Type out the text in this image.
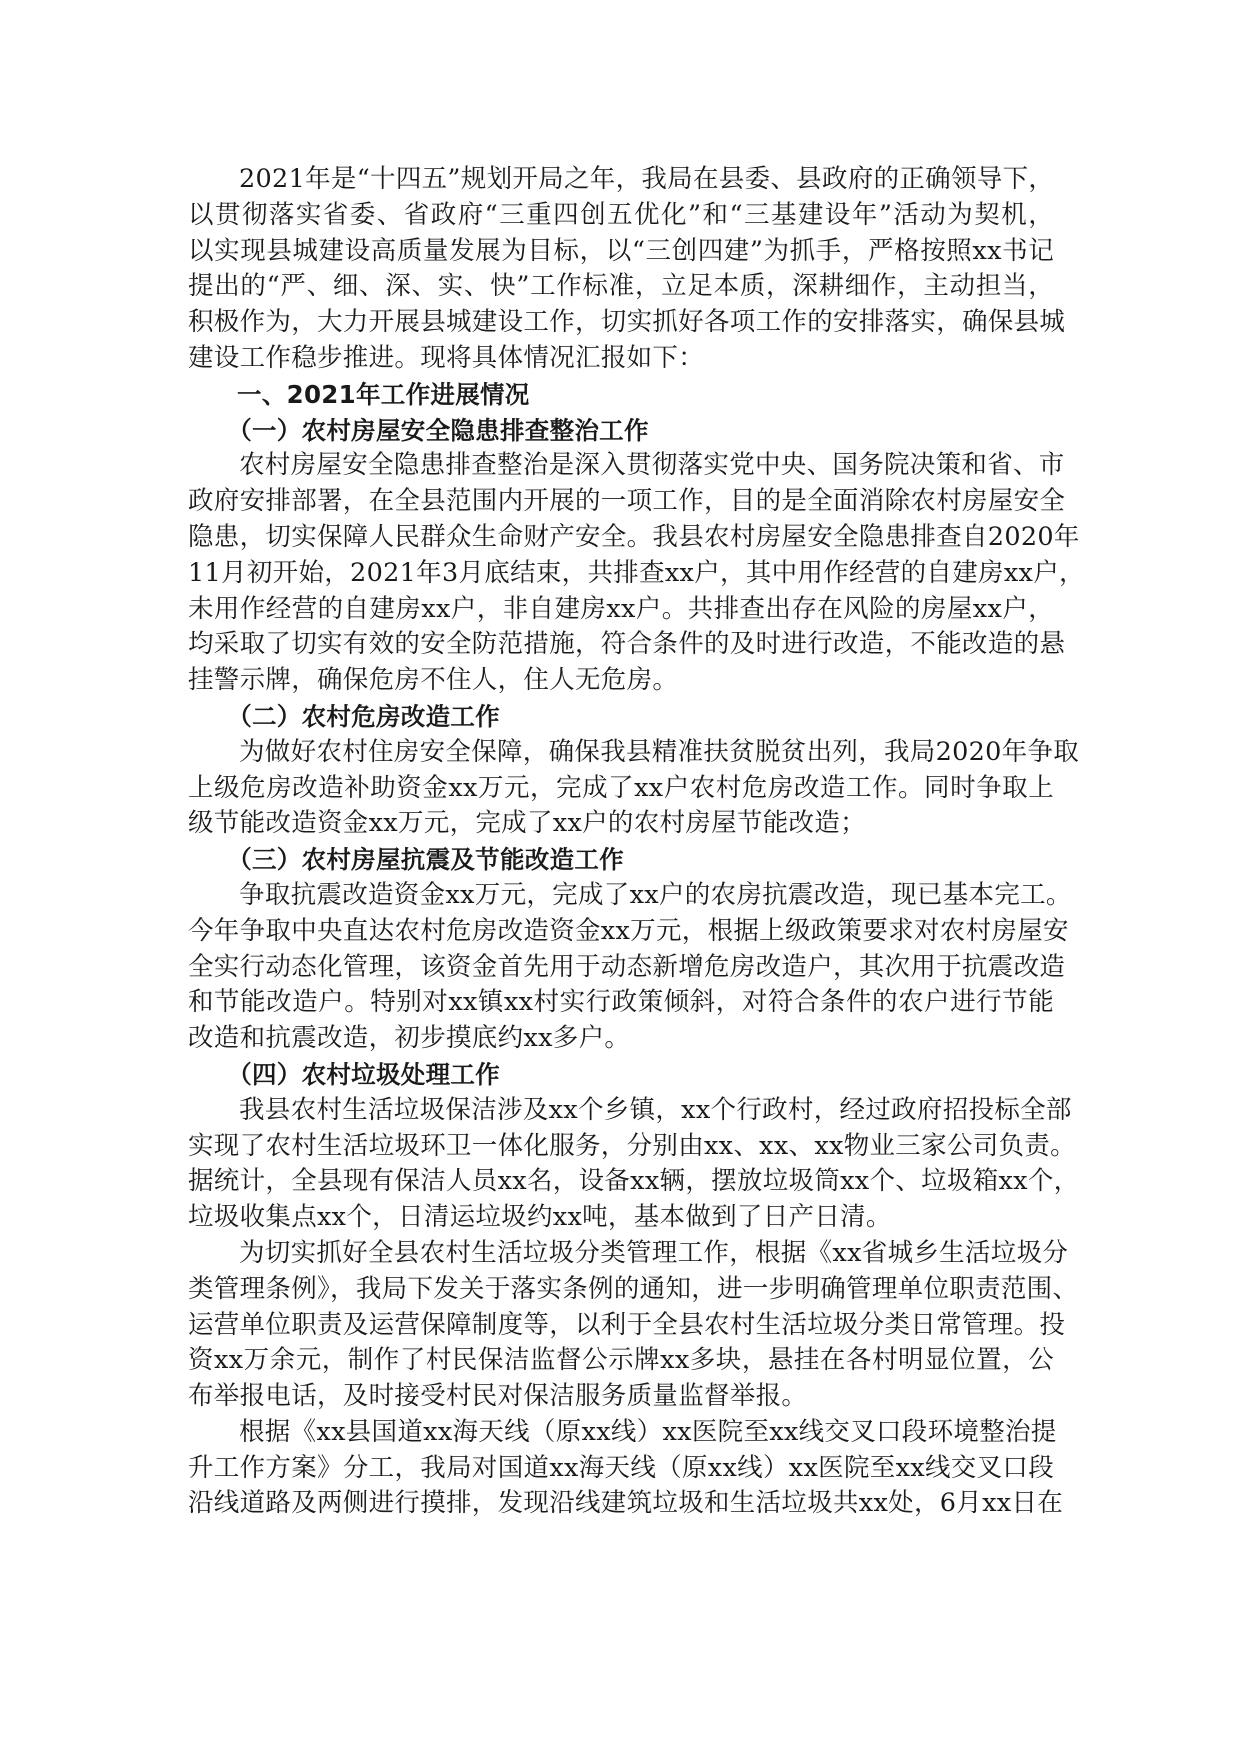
2021年是“十四五”规划开局之年，我局在县委、县政府的正确领导下，
以贯彻落实省委、省政府“三重四创五优化”和“三基建设年”活动为契机，
以实现县城建设高质量发展为目标，以“三创四建”为抓手，严格按照xx书记
提出的“严、细、深、实、快”工作标准，立足本质，深耕细作，主动担当，
积极作为，大力开展县城建设工作，切实抓好各项工作的安排落实，确保县城
建设工作稳步推进。现将具体情况汇报如下：
一、2021年工作进展情况
（一）农村房屋安全隐患排查整治工作
农村房屋安全隐患排查整治是深入贯彻落实党中央、国务院决策和省、市
政府安排部署，在全县范围内开展的一项工作，目的是全面消除农村房屋安全
隐患，切实保障人民群众生命财产安全。我县农村房屋安全隐患排查自2020年
11月初开始，2021年3月底结束，共排查xx户，其中用作经营的自建房xx户，
未用作经营的自建房xx户，非自建房xx户。共排查出存在风险的房屋xx户，
均采取了切实有效的安全防范措施，符合条件的及时进行改造，不能改造的悬
挂警示牌，确保危房不住人，住人无危房。
（二）农村危房改造工作
为做好农村住房安全保障，确保我县精准扶贫脱贫出列，我局2020年争取
上级危房改造补助资金xx万元，完成了xx户农村危房改造工作。同时争取上
级节能改造资金xx万元，完成了xx户的农村房屋节能改造；
（三）农村房屋抗震及节能改造工作
争取抗震改造资金xx万元，完成了xx户的农房抗震改造，现已基本完工。
今年争取中央直达农村危房改造资金xx万元，根据上级政策要求对农村房屋安
全实行动态化管理，该资金首先用于动态新增危房改造户，其次用于抗震改造
和节能改造户。特别对xx镇xx村实行政策倾斜，对符合条件的农户进行节能
改造和抗震改造，初步摸底约xx多户。
（四）农村垃圾处理工作
我县农村生活垃圾保洁涉及xx个乡镇，xx个行政村，经过政府招投标全部
实现了农村生活垃圾环卫一体化服务，分别由xx、xx、xx物业三家公司负责。
据统计，全县现有保洁人员xx名，设备xx辆，摆放垃圾筒xx个、垃圾箱xx个，
垃圾收集点xx个，日清运垃圾约xx吨，基本做到了日产日清。
为切实抓好全县农村生活垃圾分类管理工作，根据《xx省城乡生活垃圾分
类管理条例》，我局下发关于落实条例的通知，进一步明确管理单位职责范围、
运营单位职责及运营保障制度等，以利于全县农村生活垃圾分类日常管理。投
资xx万余元，制作了村民保洁监督公示牌xx多块，悬挂在各村明显位置，公
布举报电话，及时接受村民对保洁服务质量监督举报。
根据《xx县国道xx海天线（原xx线）xx医院至xx线交叉口段环境整治提
升工作方案》分工，我局对国道xx海天线（原xx线）xx医院至xx线交叉口段
沿线道路及两侧进行摸排，发现沿线建筑垃圾和生活垃圾共xx处，6月xx日在
